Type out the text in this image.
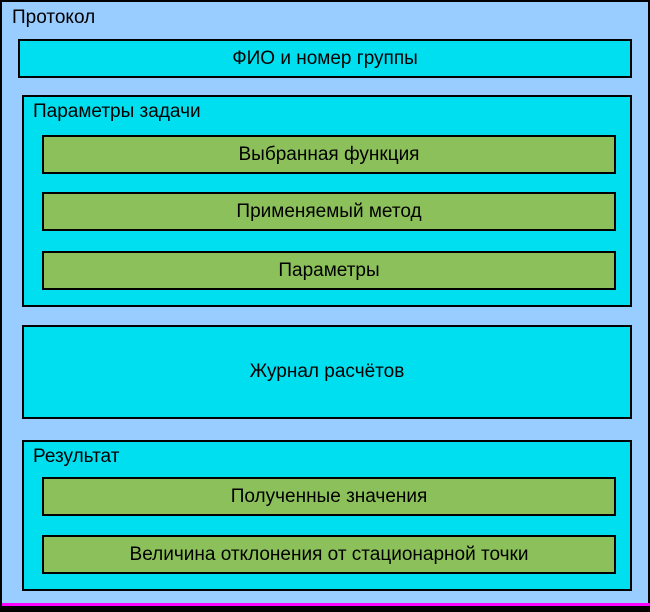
Протокол
ФИО и номер группы
Параметры задачи
Выбранная функция
Применяемый метод
Параметры
Журнал расчётов
Результат
Полученные значения
Величина отклонения от стационарной точки
